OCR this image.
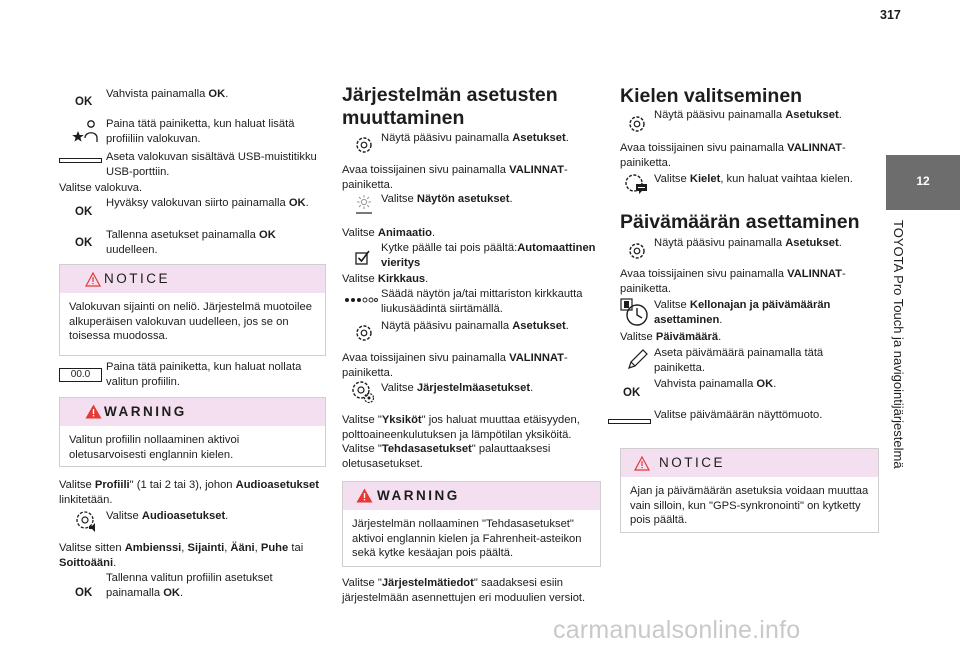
317
12
TOYOTA Pro Touch ja navigointijärjestelmä
OK
Vahvista painamalla OK.
Paina tätä painiketta, kun haluat lisätä profiiliin valokuvan.
Aseta valokuvan sisältävä USB-muistitikku USB-porttiin.
Valitse valokuva.
OK
Hyväksy valokuvan siirto painamalla OK.
OK
Tallenna asetukset painamalla OK uudelleen.
NOTICE
Valokuvan sijainti on neliö. Järjestelmä muotoilee alkuperäisen valokuvan uudelleen, jos se on toisessa muodossa.
00.0
Paina tätä painiketta, kun haluat nollata valitun profiilin.
WARNING
Valitun profiilin nollaaminen aktivoi oletusarvoisesti englannin kielen.
Valitse Profiili" (1 tai 2 tai 3), johon Audioasetukset linkitetään.
Valitse Audioasetukset.
Valitse sitten Ambienssi, Sijainti, Ääni, Puhe tai Soittoääni.
OK
Tallenna valitun profiilin asetukset painamalla OK.
Järjestelmän asetusten muuttaminen
Näytä pääsivu painamalla Asetukset.
Avaa toissijainen sivu painamalla VALINNAT-painiketta.
Valitse Näytön asetukset.
Valitse Animaatio.
Kytke päälle tai pois päältä:Automaattinen vieritys
Valitse Kirkkaus.
Säädä näytön ja/tai mittariston kirkkautta liukusäädintä siirtämällä.
Näytä pääsivu painamalla Asetukset.
Avaa toissijainen sivu painamalla VALINNAT-painiketta.
Valitse Järjestelmäasetukset.
Valitse "Yksiköt" jos haluat muuttaa etäisyyden, polttoaineenkulutuksen ja lämpötilan yksiköitä. Valitse "Tehdasasetukset" palauttaaksesi oletusasetukset.
WARNING
Järjestelmän nollaaminen "Tehdasasetukset" aktivoi englannin kielen ja Fahrenheit-asteikon sekä kytke kesäajan pois päältä.
Valitse "Järjestelmätiedot" saadaksesi esiin järjestelmään asennettujen eri moduulien versiot.
Kielen valitseminen
Näytä pääsivu painamalla Asetukset.
Avaa toissijainen sivu painamalla VALINNAT-painiketta.
Valitse Kielet, kun haluat vaihtaa kielen.
Päivämäärän asettaminen
Näytä pääsivu painamalla Asetukset.
Avaa toissijainen sivu painamalla VALINNAT-painiketta.
Valitse Kellonajan ja päivämäärän asettaminen.
Valitse Päivämäärä.
Aseta päivämäärä painamalla tätä painiketta.
OK
Vahvista painamalla OK.
Valitse päivämäärän näyttömuoto.
NOTICE
Ajan ja päivämäärän asetuksia voidaan muuttaa vain silloin, kun "GPS-synkronointi" on kytketty pois päältä.
carmanualsonline.info
